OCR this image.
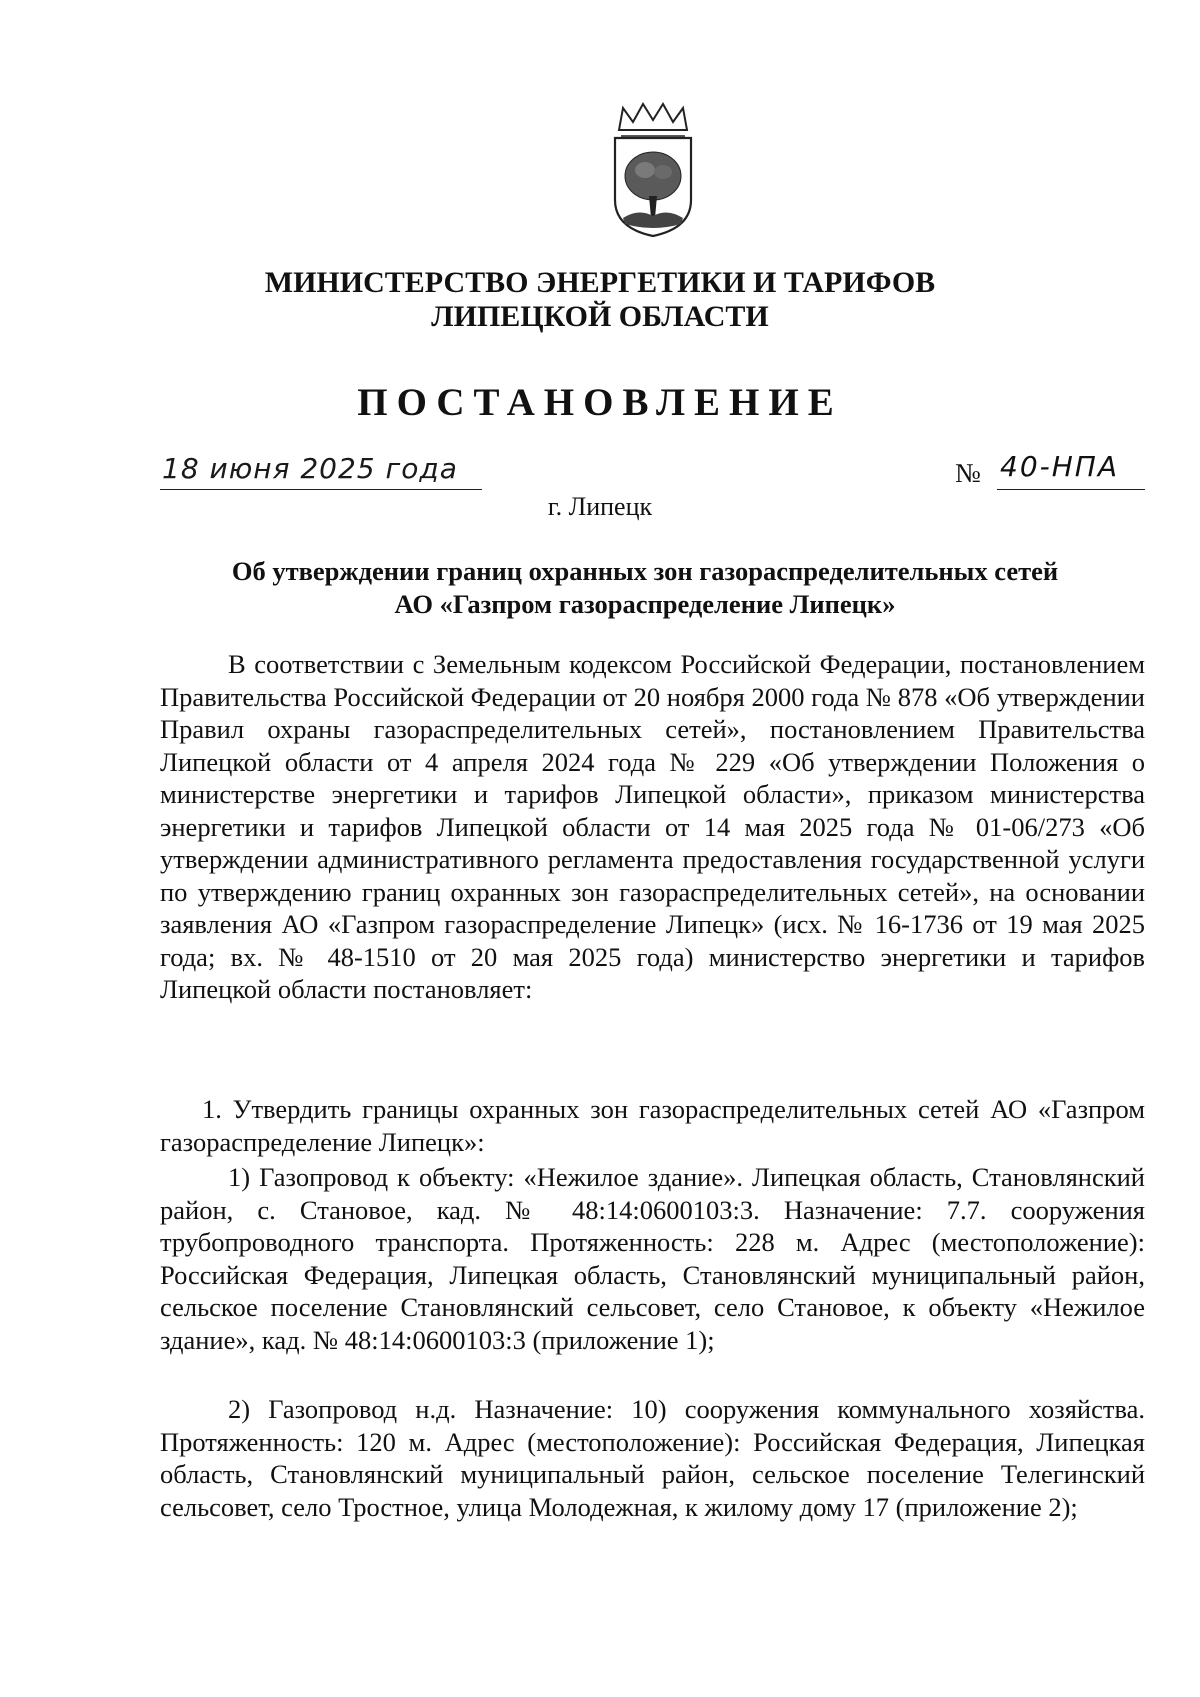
МИНИСТЕРСТВО ЭНЕРГЕТИКИ И ТАРИФОВ
ЛИПЕЦКОЙ ОБЛАСТИ
ПОСТАНОВЛЕНИЕ
18 июня 2025 года	№ 40-НПА
г. Липецк
Об утверждении границ охранных зон газораспределительных сетей
АО «Газпром газораспределение Липецк»

В соответствии с Земельным кодексом Российской Федерации, постановлением Правительства Российской Федерации от 20 ноября 2000 года № 878 «Об утверждении Правил охраны газораспределительных сетей», постановлением Правительства Липецкой области от 4 апреля 2024 года № 229 «Об утверждении Положения о министерстве энергетики и тарифов Липецкой области», приказом министерства энергетики и тарифов Липецкой области от 14 мая 2025 года № 01-06/273 «Об утверждении административного регламента предоставления государственной услуги по утверждению границ охранных зон газораспределительных сетей», на основании заявления АО «Газпром газораспределение Липецк» (исх. № 16-1736 от 19 мая 2025 года; вх. № 48-1510 от 20 мая 2025 года) министерство энергетики и тарифов Липецкой области постановляет:

1. Утвердить границы охранных зон газораспределительных сетей АО «Газпром газораспределение Липецк»:

1) Газопровод к объекту: «Нежилое здание». Липецкая область, Становлянский район, с. Становое, кад. № 48:14:0600103:3. Назначение: 7.7. сооружения трубопроводного транспорта. Протяженность: 228 м. Адрес (местоположение): Российская Федерация, Липецкая область, Становлянский муниципальный район, сельское поселение Становлянский сельсовет, село Становое, к объекту «Нежилое здание», кад. № 48:14:0600103:3 (приложение 1);

2) Газопровод н.д. Назначение: 10) сооружения коммунального хозяйства. Протяженность: 120 м. Адрес (местоположение): Российская Федерация, Липецкая область, Становлянский муниципальный район, сельское поселение Телегинский сельсовет, село Тростное, улица Молодежная, к жилому дому 17 (приложение 2);
